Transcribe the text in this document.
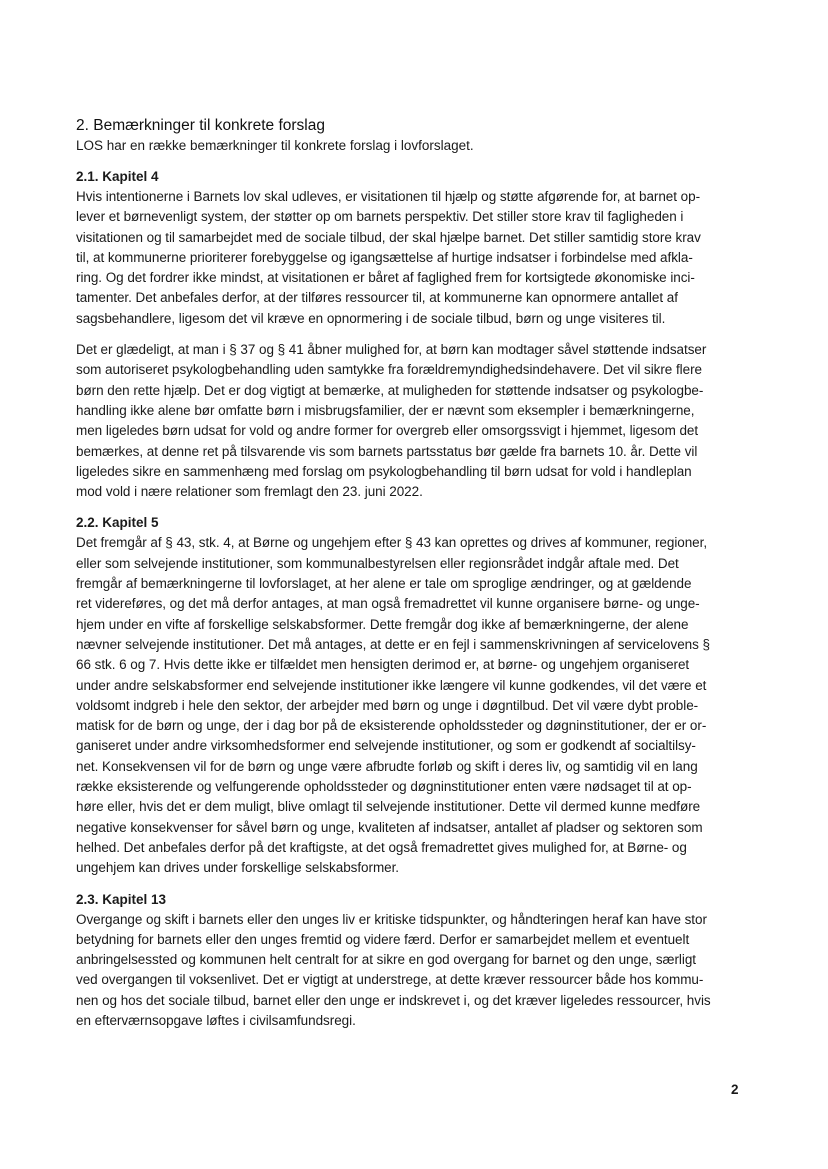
2. Bemærkninger til konkrete forslag

LOS har en række bemærkninger til konkrete forslag i lovforslaget.

2.1. Kapitel 4

Hvis intentionerne i Barnets lov skal udleves, er visitationen til hjælp og støtte afgørende for, at barnet op-
lever et børnevenligt system, der støtter op om barnets perspektiv. Det stiller store krav til fagligheden i
visitationen og til samarbejdet med de sociale tilbud, der skal hjælpe barnet. Det stiller samtidig store krav
til, at kommunerne prioriterer forebyggelse og igangsættelse af hurtige indsatser i forbindelse med afkla-
ring. Og det fordrer ikke mindst, at visitationen er båret af faglighed frem for kortsigtede økonomiske inci-
tamenter. Det anbefales derfor, at der tilføres ressourcer til, at kommunerne kan opnormere antallet af
sagsbehandlere, ligesom det vil kræve en opnormering i de sociale tilbud, børn og unge visiteres til.

Det er glædeligt, at man i § 37 og § 41 åbner mulighed for, at børn kan modtager såvel støttende indsatser
som autoriseret psykologbehandling uden samtykke fra forældremyndighedsindehavere. Det vil sikre flere
børn den rette hjælp. Det er dog vigtigt at bemærke, at muligheden for støttende indsatser og psykologbe-
handling ikke alene bør omfatte børn i misbrugsfamilier, der er nævnt som eksempler i bemærkningerne,
men ligeledes børn udsat for vold og andre former for overgreb eller omsorgssvigt i hjemmet, ligesom det
bemærkes, at denne ret på tilsvarende vis som barnets partsstatus bør gælde fra barnets 10. år. Dette vil
ligeledes sikre en sammenhæng med forslag om psykologbehandling til børn udsat for vold i handleplan
mod vold i nære relationer som fremlagt den 23. juni 2022.

2.2. Kapitel 5

Det fremgår af § 43, stk. 4, at Børne og ungehjem efter § 43 kan oprettes og drives af kommuner, regioner,
eller som selvejende institutioner, som kommunalbestyrelsen eller regionsrådet indgår aftale med. Det
fremgår af bemærkningerne til lovforslaget, at her alene er tale om sproglige ændringer, og at gældende
ret videreføres, og det må derfor antages, at man også fremadrettet vil kunne organisere børne- og unge-
hjem under en vifte af forskellige selskabsformer. Dette fremgår dog ikke af bemærkningerne, der alene
nævner selvejende institutioner. Det må antages, at dette er en fejl i sammenskrivningen af servicelovens §
66 stk. 6 og 7. Hvis dette ikke er tilfældet men hensigten derimod er, at børne- og ungehjem organiseret
under andre selskabsformer end selvejende institutioner ikke længere vil kunne godkendes, vil det være et
voldsomt indgreb i hele den sektor, der arbejder med børn og unge i døgntilbud. Det vil være dybt proble-
matisk for de børn og unge, der i dag bor på de eksisterende opholdssteder og døgninstitutioner, der er or-
ganiseret under andre virksomhedsformer end selvejende institutioner, og som er godkendt af socialtilsy-
net. Konsekvensen vil for de børn og unge være afbrudte forløb og skift i deres liv, og samtidig vil en lang
række eksisterende og velfungerende opholdssteder og døgninstitutioner enten være nødsaget til at op-
høre eller, hvis det er dem muligt, blive omlagt til selvejende institutioner. Dette vil dermed kunne medføre
negative konsekvenser for såvel børn og unge, kvaliteten af indsatser, antallet af pladser og sektoren som
helhed. Det anbefales derfor på det kraftigste, at det også fremadrettet gives mulighed for, at Børne- og
ungehjem kan drives under forskellige selskabsformer.

2.3. Kapitel 13

Overgange og skift i barnets eller den unges liv er kritiske tidspunkter, og håndteringen heraf kan have stor
betydning for barnets eller den unges fremtid og videre færd. Derfor er samarbejdet mellem et eventuelt
anbringelsessted og kommunen helt centralt for at sikre en god overgang for barnet og den unge, særligt
ved overgangen til voksenlivet. Det er vigtigt at understrege, at dette kræver ressourcer både hos kommu-
nen og hos det sociale tilbud, barnet eller den unge er indskrevet i, og det kræver ligeledes ressourcer, hvis
en efterværnsopgave løftes i civilsamfundsregi.

2
